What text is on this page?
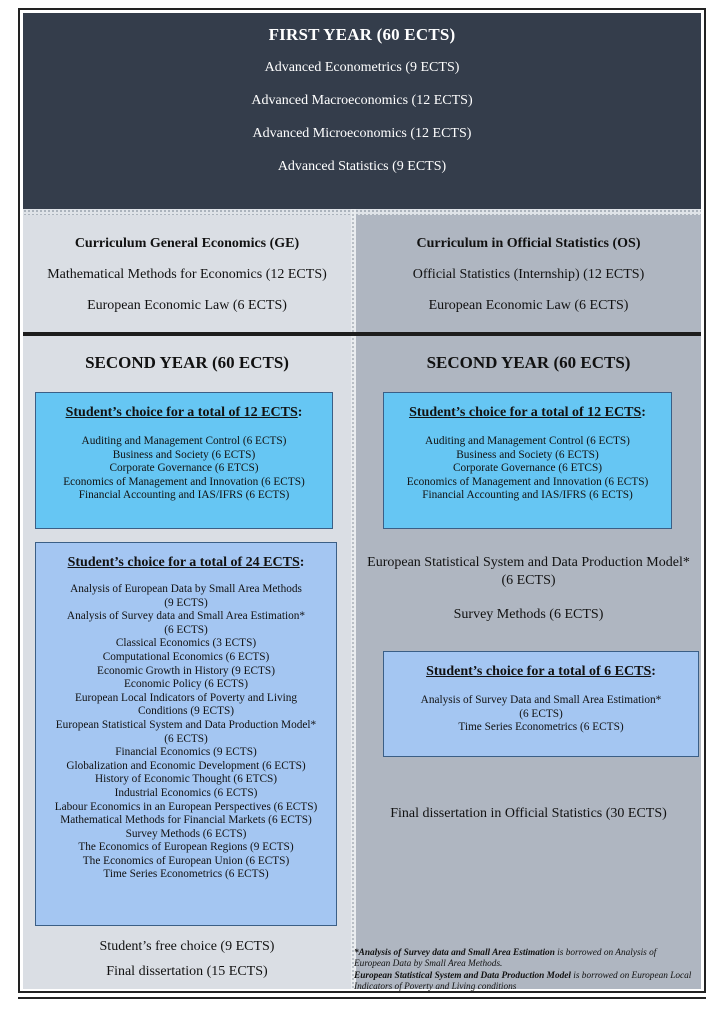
FIRST YEAR (60 ECTS)
Advanced Econometrics (9 ECTS)
Advanced Macroeconomics (12 ECTS)
Advanced Microeconomics (12 ECTS)
Advanced Statistics (9 ECTS)
Curriculum General Economics (GE)
Mathematical Methods for Economics (12 ECTS)
European Economic Law (6 ECTS)
Curriculum in Official Statistics (OS)
Official Statistics (Internship) (12 ECTS)
European Economic Law (6 ECTS)
SECOND YEAR (60 ECTS)
Student’s choice for a total of 12 ECTS:
Auditing and Management Control (6 ECTS)
Business and Society (6 ECTS)
Corporate Governance (6 ETCS)
Economics of Management and Innovation (6 ECTS)
Financial Accounting and IAS/IFRS (6 ECTS)
Student’s choice for a total of 24 ECTS:
Analysis of European Data by Small Area Methods
(9 ECTS)
Analysis of Survey data and Small Area Estimation*
(6 ECTS)
Classical Economics (3 ECTS)
Computational Economics (6 ECTS)
Economic Growth in History (9 ECTS)
Economic Policy (6 ECTS)
European Local Indicators of Poverty and Living
Conditions (9 ECTS)
European Statistical System and Data Production Model*
(6 ECTS)
Financial Economics (9 ECTS)
Globalization and Economic Development (6 ECTS)
History of Economic Thought (6 ETCS)
Industrial Economics (6 ECTS)
Labour Economics in an European Perspectives (6 ECTS)
Mathematical Methods for Financial Markets (6 ECTS)
Survey Methods (6 ECTS)
The Economics of European Regions (9 ECTS)
The Economics of European Union (6 ECTS)
Time Series Econometrics (6 ECTS)
Student’s free choice (9 ECTS)
Final dissertation (15 ECTS)
SECOND YEAR (60 ECTS)
Student’s choice for a total of 12 ECTS:
Auditing and Management Control (6 ECTS)
Business and Society (6 ECTS)
Corporate Governance (6 ETCS)
Economics of Management and Innovation (6 ECTS)
Financial Accounting and IAS/IFRS (6 ECTS)
European Statistical System and Data Production Model*
(6 ECTS)
Survey Methods (6 ECTS)
Student’s choice for a total of 6 ECTS:
Analysis of Survey Data and Small Area Estimation*
(6 ECTS)
Time Series Econometrics (6 ECTS)
Final dissertation in Official Statistics (30 ECTS)
*Analysis of Survey data and Small Area Estimation is borrowed on Analysis of European Data by Small Area Methods.
European Statistical System and Data Production Model is borrowed on European Local Indicators of Poverty and Living conditions
